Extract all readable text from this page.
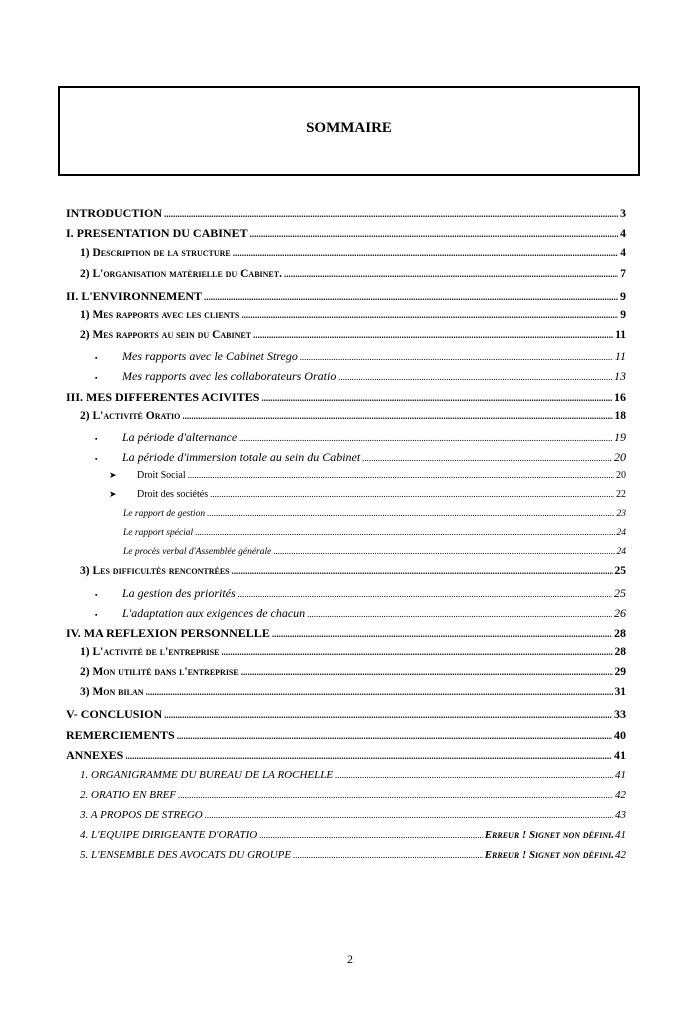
SOMMAIRE
INTRODUCTION .....	3
I. PRESENTATION DU CABINET .....	4
1) Description de la structure .....	4
2) L'organisation matérielle du Cabinet. .....	7
II. L'ENVIRONNEMENT .....	9
1) Mes rapports avec les clients .....	9
2) Mes rapports au sein du Cabinet .....	11
▪ Mes rapports avec le Cabinet Strego .....	11
▪ Mes rapports avec les collaborateurs Oratio .....	13
III. MES DIFFERENTES ACIVITES .....	16
2) L'activité Oratio .....	18
▪ La période d'alternance .....	19
▪ La période d'immersion totale au sein du Cabinet .....	20
➤ Droit Social .....	20
➤ Droit des sociétés .....	22
Le rapport de gestion .....	23
Le rapport spécial .....	24
Le procès verbal d'Assemblée générale .....	24
3) Les difficultés rencontrées .....	25
▪ La gestion des priorités .....	25
▪ L'adaptation aux exigences de chacun .....	26
IV. MA REFLEXION PERSONNELLE .....	28
1) L'activité de l'entreprise .....	28
2) Mon utilité dans l'entreprise .....	29
3) Mon bilan .....	31
V- CONCLUSION .....	33
REMERCIEMENTS .....	40
ANNEXES .....	41
1. ORGANIGRAMME DU BUREAU DE LA ROCHELLE .....	41
2. ORATIO EN BREF .....	42
3. A PROPOS DE STREGO .....	43
4. L'EQUIPE DIRIGEANTE D'ORATIO .....	Erreur ! Signet non défini. 41
5. L'ENSEMBLE DES AVOCATS DU GROUPE .....	Erreur ! Signet non défini. 42
2
